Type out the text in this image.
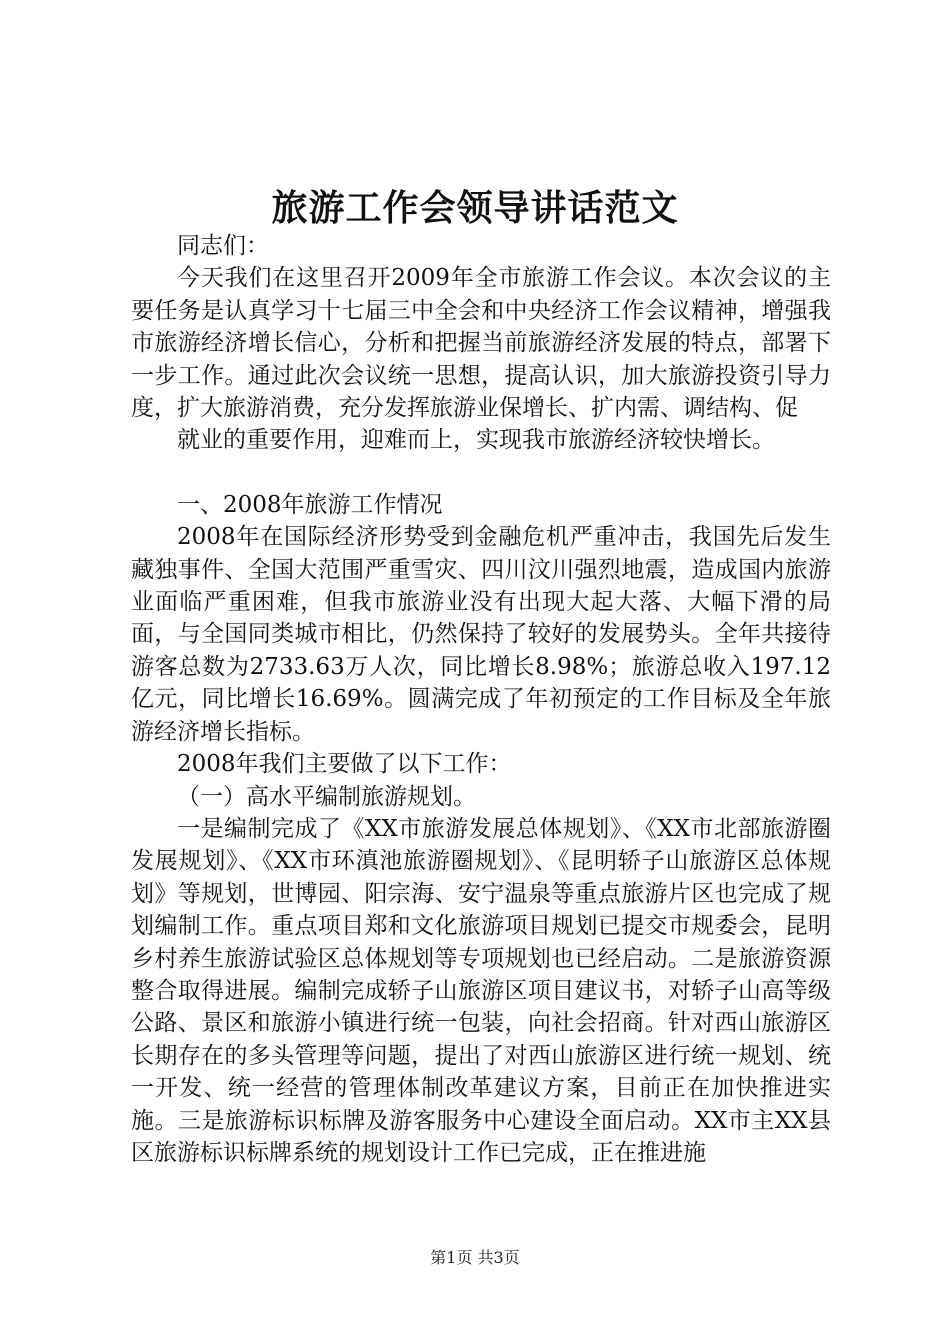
旅游工作会领导讲话范文

同志们：

今天我们在这里召开2009年全市旅游工作会议。本次会议的主要任务是认真学习十七届三中全会和中央经济工作会议精神，增强我市旅游经济增长信心，分析和把握当前旅游经济发展的特点，部署下一步工作。通过此次会议统一思想，提高认识，加大旅游投资引导力度，扩大旅游消费，充分发挥旅游业保增长、扩内需、调结构、促

就业的重要作用，迎难而上，实现我市旅游经济较快增长。

一、2008年旅游工作情况

2008年在国际经济形势受到金融危机严重冲击，我国先后发生藏独事件、全国大范围严重雪灾、四川汶川强烈地震，造成国内旅游业面临严重困难，但我市旅游业没有出现大起大落、大幅下滑的局面，与全国同类城市相比，仍然保持了较好的发展势头。全年共接待游客总数为2733.63万人次，同比增长8.98%；旅游总收入197.12亿元，同比增长16.69%。圆满完成了年初预定的工作目标及全年旅游经济增长指标。

2008年我们主要做了以下工作：

（一）高水平编制旅游规划。

一是编制完成了《XX市旅游发展总体规划》、《XX市北部旅游圈发展规划》、《XX市环滇池旅游圈规划》、《昆明轿子山旅游区总体规划》等规划，世博园、阳宗海、安宁温泉等重点旅游片区也完成了规划编制工作。重点项目郑和文化旅游项目规划已提交市规委会，昆明乡村养生旅游试验区总体规划等专项规划也已经启动。二是旅游资源整合取得进展。编制完成轿子山旅游区项目建议书，对轿子山高等级公路、景区和旅游小镇进行统一包装，向社会招商。针对西山旅游区长期存在的多头管理等问题，提出了对西山旅游区进行统一规划、统一开发、统一经营的管理体制改革建议方案，目前正在加快推进实施。三是旅游标识标牌及游客服务中心建设全面启动。XX市主XX县区旅游标识标牌系统的规划设计工作已完成，正在推进施

第1页 共3页
